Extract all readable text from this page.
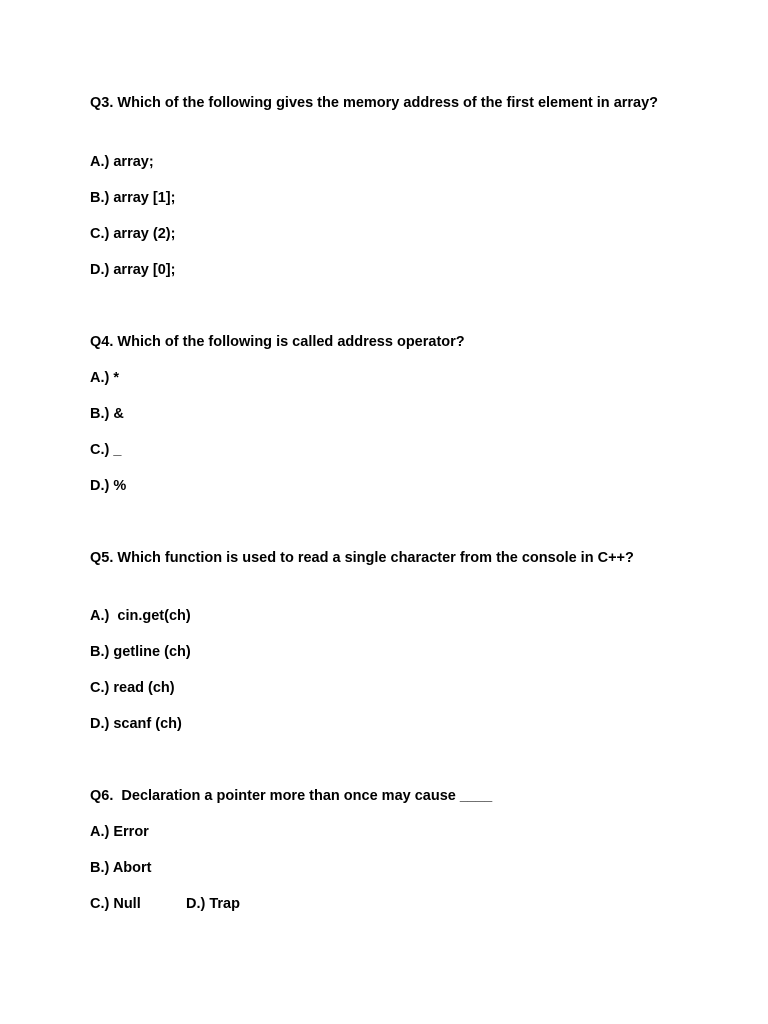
Q3. Which of the following gives the memory address of the first element in array?
A.) array;
B.) array [1];
C.) array (2);
D.) array [0];
Q4. Which of the following is called address operator?
A.) *
B.) &
C.) _
D.) %
Q5. Which function is used to read a single character from the console in C++?
A.)  cin.get(ch)
B.) getline (ch)
C.) read (ch)
D.) scanf (ch)
Q6.  Declaration a pointer more than once may cause ____
A.) Error
B.) Abort
C.) Null	D.) Trap
